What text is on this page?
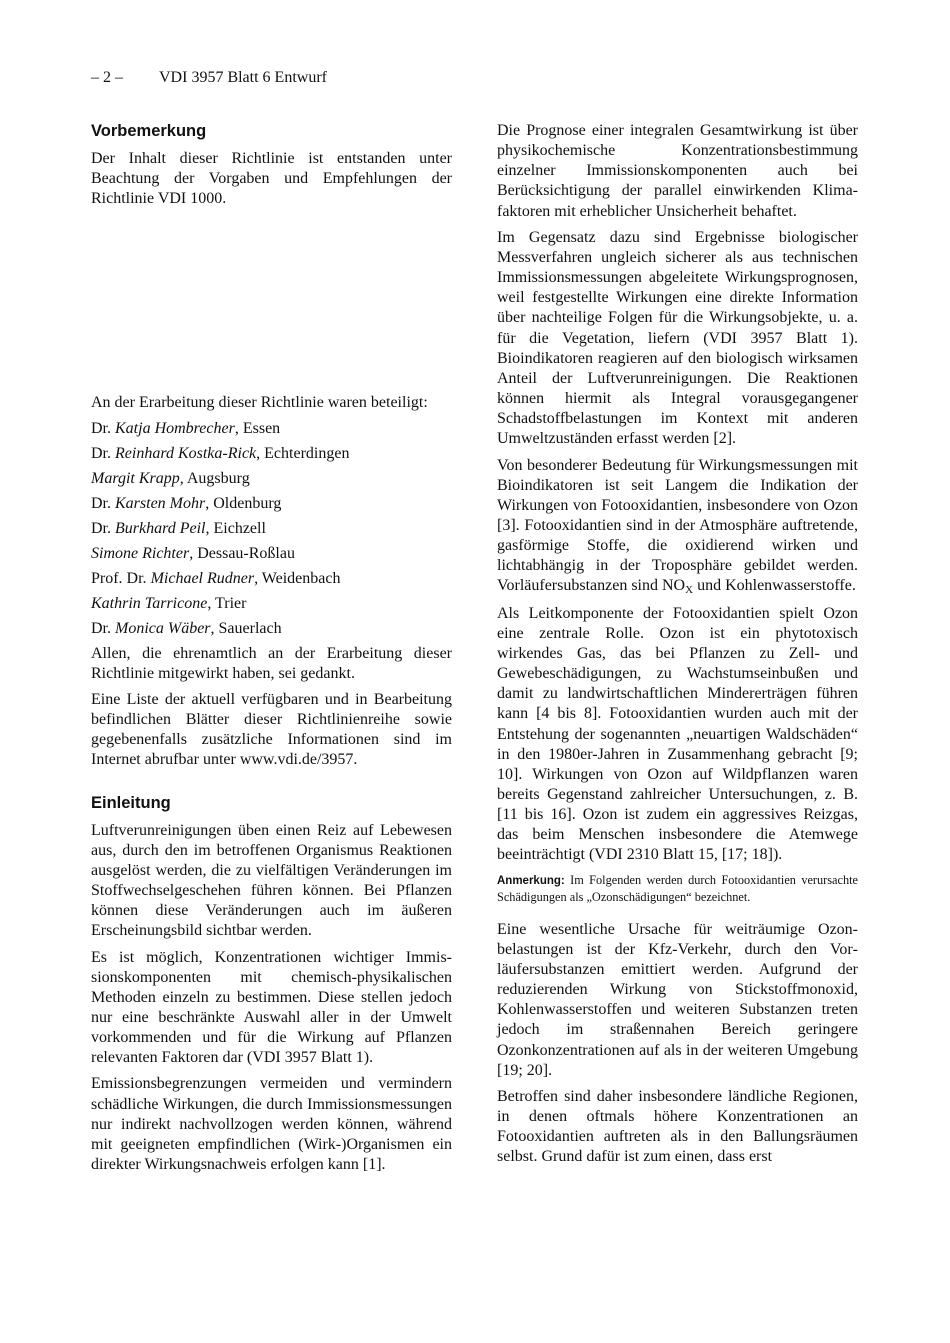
– 2 – VDI 3957 Blatt 6 Entwurf
Vorbemerkung

Der Inhalt dieser Richtlinie ist entstanden unter Beachtung der Vorgaben und Empfehlungen der Richtlinie VDI 1000.

An der Erarbeitung dieser Richtlinie waren beteiligt:

Dr. Katja Hombrecher, Essen
Dr. Reinhard Kostka-Rick, Echterdingen
Margit Krapp, Augsburg
Dr. Karsten Mohr, Oldenburg
Dr. Burkhard Peil, Eichzell
Simone Richter, Dessau-Roßlau
Prof. Dr. Michael Rudner, Weidenbach
Kathrin Tarricone, Trier
Dr. Monica Wäber, Sauerlach

Allen, die ehrenamtlich an der Erarbeitung dieser Richtlinie mitgewirkt haben, sei gedankt.

Eine Liste der aktuell verfügbaren und in Bearbeitung befindlichen Blätter dieser Richtlinienreihe sowie gegebenenfalls zusätzliche Informationen sind im Internet abrufbar unter www.vdi.de/3957.

Einleitung

Luftverunreinigungen üben einen Reiz auf Lebewesen aus, durch den im betroffenen Organismus Reaktionen ausgelöst werden, die zu vielfältigen Veränderungen im Stoffwechselgeschehen führen können. Bei Pflanzen können diese Veränderungen auch im äußeren Erscheinungsbild sichtbar werden.

Es ist möglich, Konzentrationen wichtiger Immissionskomponenten mit chemisch-physikalischen Methoden einzeln zu bestimmen. Diese stellen jedoch nur eine beschränkte Auswahl aller in der Umwelt vorkommenden und für die Wirkung auf Pflanzen relevanten Faktoren dar (VDI 3957 Blatt 1).

Emissionsbegrenzungen vermeiden und vermindern schädliche Wirkungen, die durch Immissionsmessungen nur indirekt nachvollzogen werden können, während mit geeigneten empfindlichen (Wirk-)Organismen ein direkter Wirkungsnachweis erfolgen kann [1].

Die Prognose einer integralen Gesamtwirkung ist über physikochemische Konzentrationsbestimmung einzelner Immissionskomponenten auch bei Berücksichtigung der parallel einwirkenden Klimafaktoren mit erheblicher Unsicherheit behaftet.

Im Gegensatz dazu sind Ergebnisse biologischer Messverfahren ungleich sicherer als aus technischen Immissionsmessungen abgeleitete Wirkungsprognosen, weil festgestellte Wirkungen eine direkte Information über nachteilige Folgen für die Wirkungsobjekte, u. a. für die Vegetation, liefern (VDI 3957 Blatt 1). Bioindikatoren reagieren auf den biologisch wirksamen Anteil der Luftverunreinigungen. Die Reaktionen können hiermit als Integral vorausgegangener Schadstoffbelastungen im Kontext mit anderen Umweltzuständen erfasst werden [2].

Von besonderer Bedeutung für Wirkungsmessungen mit Bioindikatoren ist seit Langem die Indikation der Wirkungen von Fotooxidantien, insbesondere von Ozon [3]. Fotooxidantien sind in der Atmosphäre auftretende, gasförmige Stoffe, die oxidierend wirken und lichtabhängig in der Troposphäre gebildet werden. Vorläufersubstanzen sind $NO_X$ und Kohlenwasserstoffe.

Als Leitkomponente der Fotooxidantien spielt Ozon eine zentrale Rolle. Ozon ist ein phytotoxisch wirkendes Gas, das bei Pflanzen zu Zell- und Gewebeschädigungen, zu Wachstumseinbußen und damit zu landwirtschaftlichen Mindererträgen führen kann [4 bis 8]. Fotooxidantien wurden auch mit der Entstehung der sogenannten „neuartigen Waldschäden“ in den 1980er-Jahren in Zusammenhang gebracht [9; 10]. Wirkungen von Ozon auf Wildpflanzen waren bereits Gegenstand zahlreicher Untersuchungen, z. B. [11 bis 16]. Ozon ist zudem ein aggressives Reizgas, das beim Menschen insbesondere die Atemwege beeinträchtigt (VDI 2310 Blatt 15, [17; 18]).

Anmerkung: Im Folgenden werden durch Fotooxidantien verursachte Schädigungen als „Ozonschädigungen“ bezeichnet.

Eine wesentliche Ursache für weiträumige Ozonbelastungen ist der Kfz-Verkehr, durch den Vorläufersubstanzen emittiert werden. Aufgrund der reduzierenden Wirkung von Stickstoffmonoxid, Kohlenwasserstoffen und weiteren Substanzen treten jedoch im straßennahen Bereich geringere Ozonkonzentrationen auf als in der weiteren Umgebung [19; 20].

Betroffen sind daher insbesondere ländliche Regionen, in denen oftmals höhere Konzentrationen an Fotooxidantien auftreten als in den Ballungsräumen selbst. Grund dafür ist zum einen, dass erst
